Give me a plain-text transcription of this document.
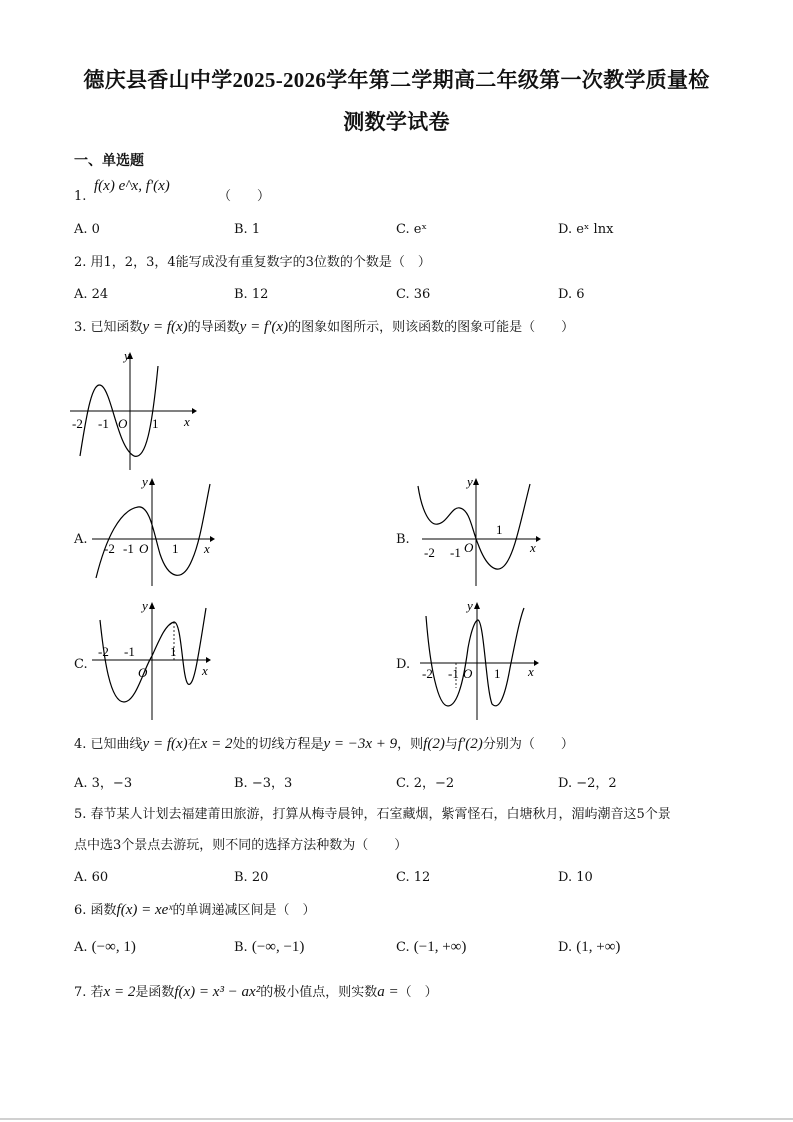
德庆县香山中学2025-2026学年第二学期高二年级第一次教学质量检
测数学试卷
一、单选题
1.
f(x) e^x, f'(x)
（　　）
A. 0	B. 1	C. eˣ	D. eˣ lnx
2. 用1，2，3，4能写成没有重复数字的3位数的个数是（　）
A. 24	B. 12	C. 36	D. 6
3. 已知函数y = f(x)的导函数y = f′(x)的图象如图所示，则该函数的图象可能是（　　）
y
x
-2 -1 O 1
A.
y
x
-2 -1 O 1
B.
y
x
-2 -1 O
1
C.
y
x
-2 -1
O
1
D.
y
x
-2 -1 O 1
4. 已知曲线y = f(x)在x = 2处的切线方程是y = −3x + 9，则f(2)与f′(2)分别为（　　）
A. 3，−3	B. −3，3	C. 2，−2	D. −2，2
5. 春节某人计划去福建莆田旅游，打算从梅寺晨钟，石室藏烟，紫霄怪石，白塘秋月，湄屿潮音这5个景
点中选3个景点去游玩，则不同的选择方法种数为（　　）
A. 60	B. 20	C. 12	D. 10
6. 函数f(x) = xeˣ的单调递减区间是（　）
A. (−∞, 1)	B. (−∞, −1)	C. (−1, +∞)	D. (1, +∞)
7. 若x = 2是函数f(x) = x³ − ax²的极小值点，则实数a =（　）
